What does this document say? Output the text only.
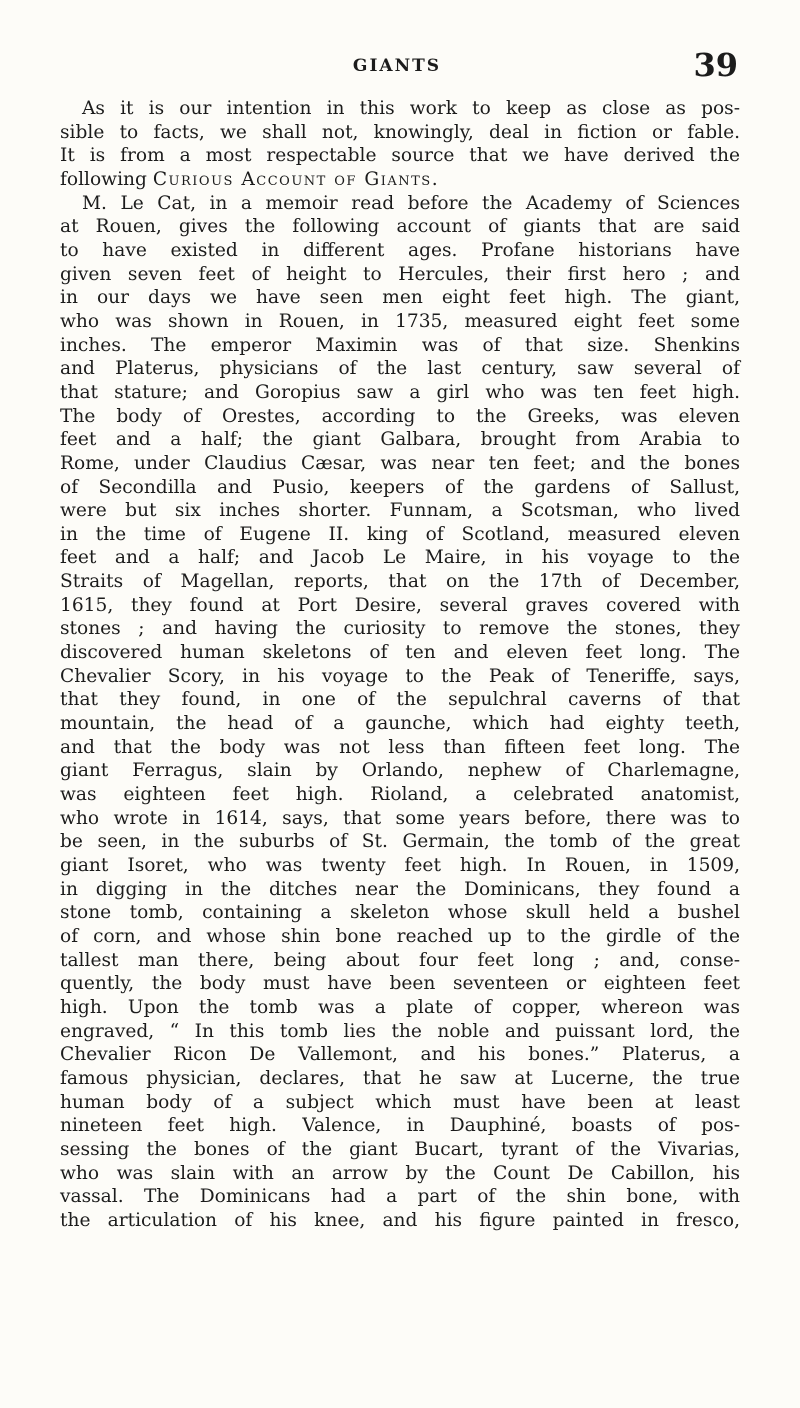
GIANTS	39
As it is our intention in this work to keep as close as pos-
sible to facts, we shall not, knowingly, deal in fiction or fable.
It is from a most respectable source that we have derived the
following Curious Account of Giants.
M. Le Cat, in a memoir read before the Academy of Sciences
at Rouen, gives the following account of giants that are said
to have existed in different ages. Profane historians have
given seven feet of height to Hercules, their first hero ; and
in our days we have seen men eight feet high. The giant,
who was shown in Rouen, in 1735, measured eight feet some
inches. The emperor Maximin was of that size. Shenkins
and Platerus, physicians of the last century, saw several of
that stature; and Goropius saw a girl who was ten feet high.
The body of Orestes, according to the Greeks, was eleven
feet and a half; the giant Galbara, brought from Arabia to
Rome, under Claudius Cæsar, was near ten feet; and the bones
of Secondilla and Pusio, keepers of the gardens of Sallust,
were but six inches shorter. Funnam, a Scotsman, who lived
in the time of Eugene II. king of Scotland, measured eleven
feet and a half; and Jacob Le Maire, in his voyage to the
Straits of Magellan, reports, that on the 17th of December,
1615, they found at Port Desire, several graves covered with
stones ; and having the curiosity to remove the stones, they
discovered human skeletons of ten and eleven feet long. The
Chevalier Scory, in his voyage to the Peak of Teneriffe, says,
that they found, in one of the sepulchral caverns of that
mountain, the head of a gaunche, which had eighty teeth,
and that the body was not less than fifteen feet long. The
giant Ferragus, slain by Orlando, nephew of Charlemagne,
was eighteen feet high. Rioland, a celebrated anatomist,
who wrote in 1614, says, that some years before, there was to
be seen, in the suburbs of St. Germain, the tomb of the great
giant Isoret, who was twenty feet high. In Rouen, in 1509,
in digging in the ditches near the Dominicans, they found a
stone tomb, containing a skeleton whose skull held a bushel
of corn, and whose shin bone reached up to the girdle of the
tallest man there, being about four feet long ; and, conse-
quently, the body must have been seventeen or eighteen feet
high. Upon the tomb was a plate of copper, whereon was
engraved, “ In this tomb lies the noble and puissant lord, the
Chevalier Ricon De Vallemont, and his bones.” Platerus, a
famous physician, declares, that he saw at Lucerne, the true
human body of a subject which must have been at least
nineteen feet high. Valence, in Dauphiné, boasts of pos-
sessing the bones of the giant Bucart, tyrant of the Vivarias,
who was slain with an arrow by the Count De Cabillon, his
vassal. The Dominicans had a part of the shin bone, with
the articulation of his knee, and his figure painted in fresco,
